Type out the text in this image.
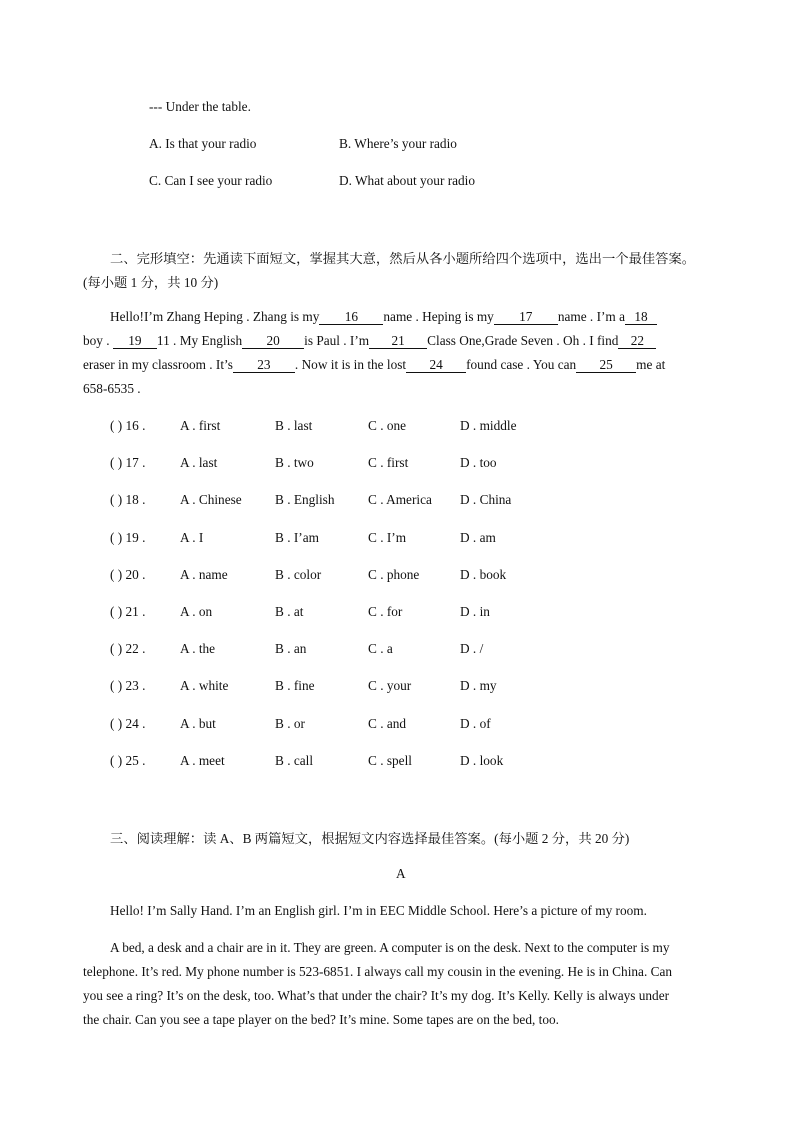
--- Under the table.
A. Is that your radio	B. Where’s your radio
C. Can I see your radio	D. What about your radio
二、完形填空：先通读下面短文，掌握其大意，然后从各小题所给四个选项中，选出一个最佳答案。
(每小题 1 分，共 10 分)
Hello!I’m Zhang Heping . Zhang is my 16 name . Heping is my 17 name . I’m a 18
boy . 19 11 . My English 20 is Paul . I’m 21 Class One,Grade Seven . Oh . I find 22
eraser in my classroom . It’s 23 . Now it is in the lost 24 found case . You can 25 me at
658-6535 .
( ) 16 .	A . first	B . last	C . one	D . middle
( ) 17 .	A . last	B . two	C . first	D . too
( ) 18 .	A . Chinese	B . English	C . America D . China
( ) 19 .	A . I	B . I’am	C . I’m	D . am
( ) 20 .	A . name	B . color	C . phone	D . book
( ) 21 .	A . on	B . at	C . for	D . in
( ) 22 .	A . the	B . an	C . a	D . /
( ) 23 .	A . white	B . fine	C . your	D . my
( ) 24 .	A . but	B . or	C . and	D . of
( ) 25 .	A . meet	B . call	C . spell	D . look
三、阅读理解：读 A、B 两篇短文，根据短文内容选择最佳答案。(每小题 2 分，共 20 分)
A
Hello! I’m Sally Hand. I’m an English girl. I’m in EEC Middle School. Here’s a picture of my room.
A bed, a desk and a chair are in it. They are green. A computer is on the desk. Next to the computer is my
telephone. It’s red. My phone number is 523-6851. I always call my cousin in the evening. He is in China. Can
you see a ring? It’s on the desk, too. What’s that under the chair? It’s my dog. It’s Kelly. Kelly is always under
the chair. Can you see a tape player on the bed? It’s mine. Some tapes are on the bed, too.
